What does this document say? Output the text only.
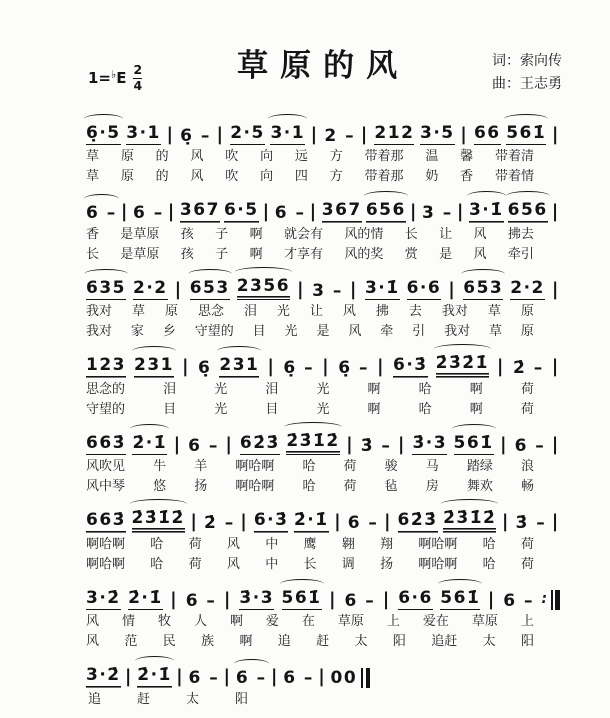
$1=^♭E \frac{2}{4}$	草原的风	词：索向传
曲：王志勇
6̣·5 3·1 | 6̣ – | 2·5 3·1 | 2 – | 212 3·5 | 66 561̇ |
草 原 的 风 吹 向 远 方 带着那 温 馨 带着清
草 原 的 风 吹 向 四 方 带着那 奶 香 带着情
6 – | 6 – | 367 6·5 | 6 – | 367 656 | 3 – | 3·1̇ 656 |
香 是草原 孩 子 啊 就会有 风的情 长 让 风 拂去
长 是草原 孩 子 啊 才享有 风的奖 赏 是 风 牵引
635 2·2 | 653 2356 | 3 – | 3·1̇ 6·6 | 653 2·2 |
我对 草 原 思念 泪 光 让 风 拂 去 我对 草 原
我对 家 乡 守望的 目 光 是 风 牵 引 我对 草 原
123 231 | 6̣ 231 | 6̣ – | 6̣ – | 6·3̇ 2̇3̇2̇1̇ | 2̇ – |
思念的	泪	光	泪	光	啊	哈	啊	荷
守望的	目	光	目	光	啊	哈	啊	荷
663̇ 2̇·1̇ | 6 – | 62̇3̇ 2̇3̇1̇2̇ | 3̇ – | 3̇·3 561̇ | 6 – |
风吹见 牛 羊 啊哈啊 哈 荷 骏 马 踏绿 浪
风中琴 悠 扬 啊哈啊 哈 荷 毡 房 舞欢 畅
663̇ 2̇3̇1̇2̇ | 2̇ – | 6·3̇ 2̇·1̇ | 6 – | 62̇3̇ 2̇3̇1̇2̇ | 3̇ – |
啊哈啊 哈 荷 风 中 鹰 翱 翔 啊哈啊 哈 荷
啊哈啊 哈 荷 风 中 长 调 扬 啊哈啊 哈 荷
3·2̇ 2̇·1̇ | 6 – | 3̇·3 561̇ | 6 – | 6·6 561̇ | 6 – :
风 情 牧 人 啊 爱 在 草原 上 爱在 草原 上
风 范 民 族 啊 追 赶 太 阳 追赶 太 阳
3·2̇ | 2̇·1̇ | 6 – | 6 – | 6 – | 00
追	赶	太	阳
